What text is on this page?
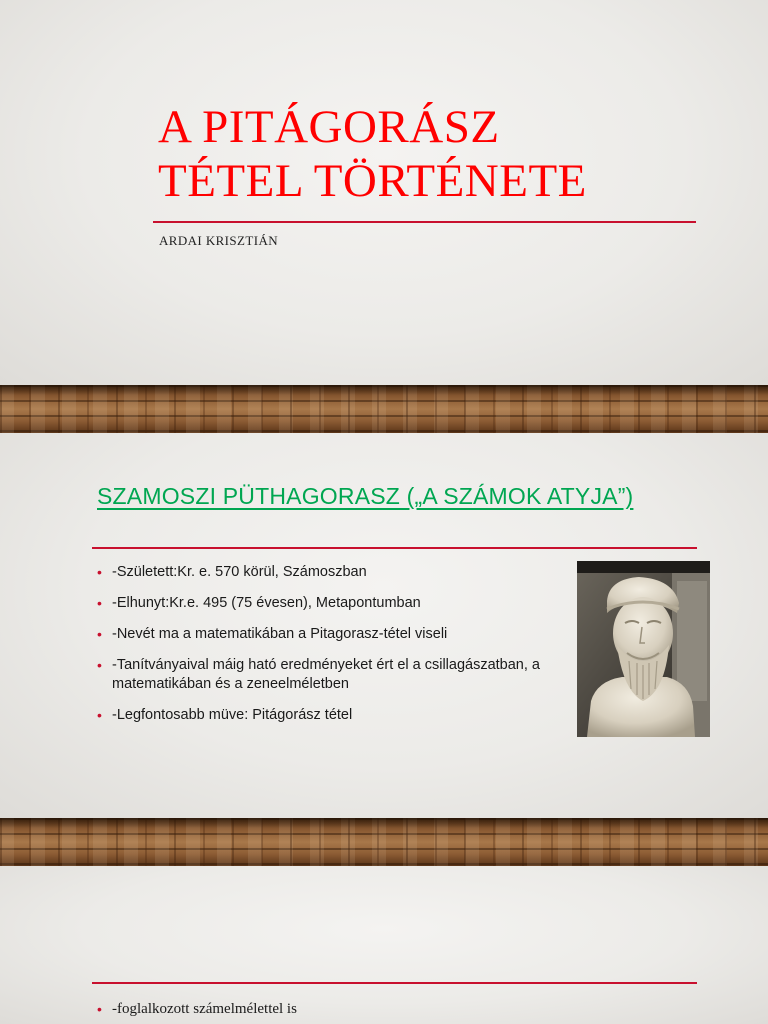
A PITÁGORÁSZ
TÉTEL TÖRTÉNETE
ARDAI KRISZTIÁN
SZAMOSZI PÜTHAGORASZ („A SZÁMOK ATYJA”)
• -Született:Kr. e. 570 körül, Számoszban
• -Elhunyt:Kr.e. 495 (75 évesen), Metapontumban
• -Nevét ma a matematikában a Pitagorasz-tétel viseli
• -Tanítványaival máig ható eredményeket ért el a csillagászatban, a matematikában és a zeneelméletben
• -Legfontosabb müve: Pitágorász tétel
• -foglalkozott számelmélettel is
